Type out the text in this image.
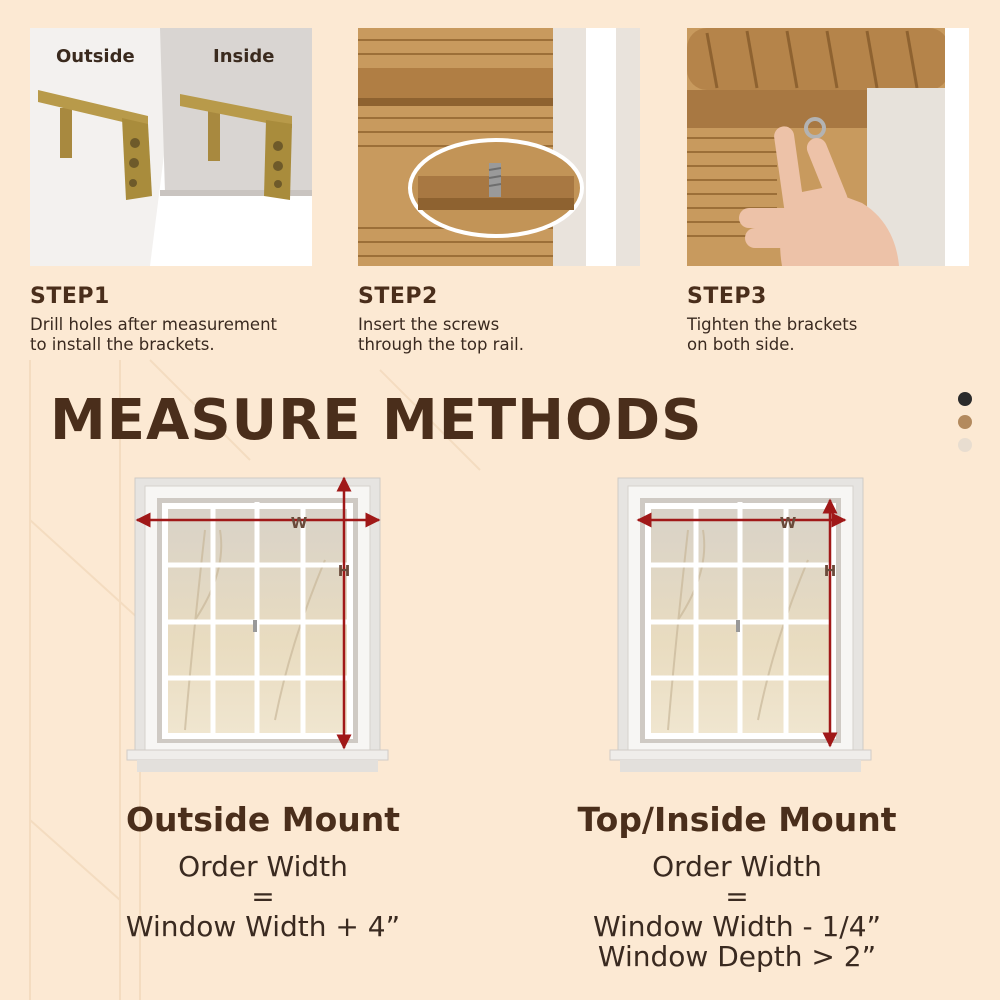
Outside	Inside
STEP1
Drill holes after measurement
to install the brackets.
STEP2
Insert the screws
through the top rail.
STEP3
Tighten the brackets
on both side.
MEASURE METHODS
W
H
W
H
Outside Mount
Order Width
=
Window Width + 4”
Top/Inside Mount
Order Width
=
Window Width - 1/4”
Window Depth > 2”
